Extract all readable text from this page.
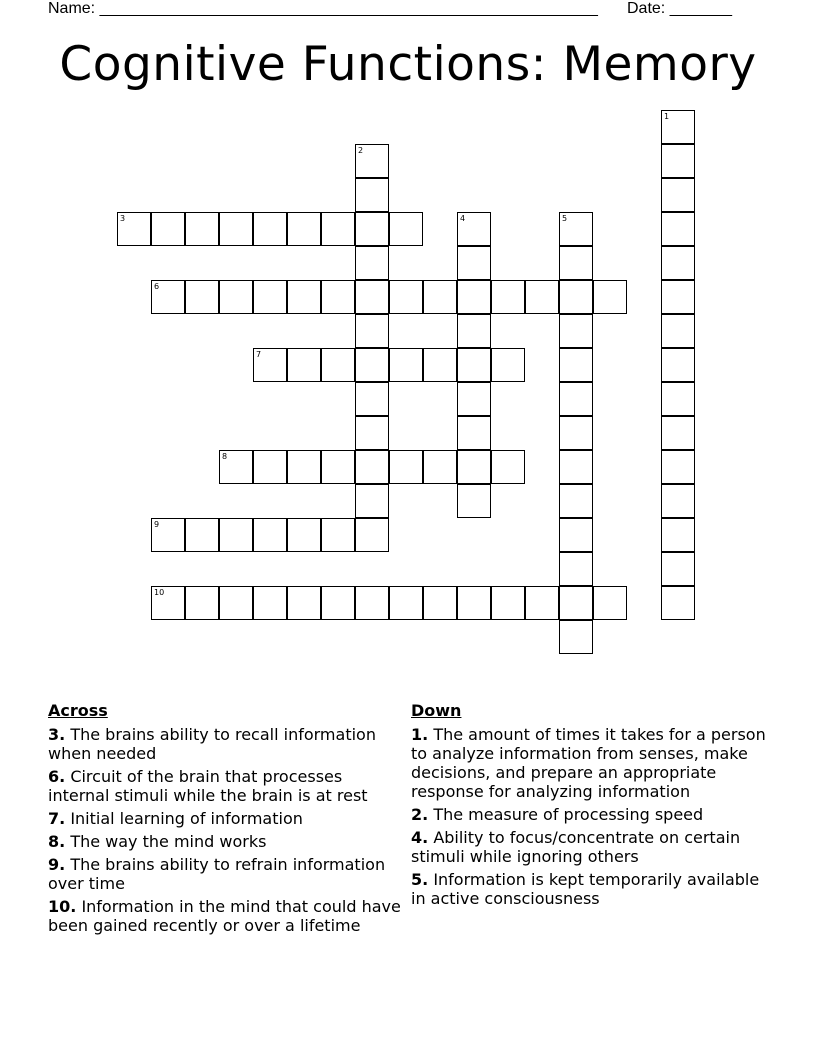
Name: ________________________________________________________ Date: _______
Cognitive Functions: Memory
1
2
3	4	5
6
7
8
9
10
Across
3. The brains ability to recall information when needed
6. Circuit of the brain that processes internal stimuli while the brain is at rest
7. Initial learning of information
8. The way the mind works
9. The brains ability to refrain information over time
10. Information in the mind that could have been gained recently or over a lifetime
Down
1. The amount of times it takes for a person to analyze information from senses, make decisions, and prepare an appropriate response for analyzing information
2. The measure of processing speed
4. Ability to focus/concentrate on certain stimuli while ignoring others
5. Information is kept temporarily available in active consciousness
